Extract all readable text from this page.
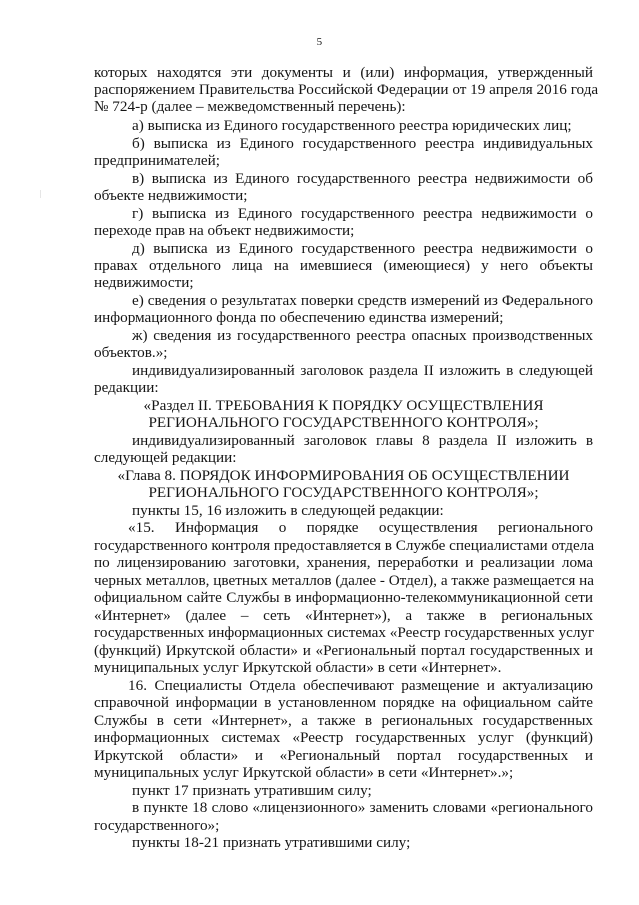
5
которых находятся эти документы и (или) информация, утвержденный
распоряжением Правительства Российской Федерации от 19 апреля 2016 года
№ 724-р (далее – межведомственный перечень):
а) выписка из Единого государственного реестра юридических лиц;
б) выписка из Единого государственного реестра индивидуальных
предпринимателей;
в) выписка из Единого государственного реестра недвижимости об
объекте недвижимости;
г) выписка из Единого государственного реестра недвижимости о
переходе прав на объект недвижимости;
д) выписка из Единого государственного реестра недвижимости о
правах отдельного лица на имевшиеся (имеющиеся) у него объекты
недвижимости;
е) сведения о результатах поверки средств измерений из Федерального
информационного фонда по обеспечению единства измерений;
ж) сведения из государственного реестра опасных производственных
объектов.»;
индивидуализированный заголовок раздела II изложить в следующей
редакции:
«Раздел II. ТРЕБОВАНИЯ К ПОРЯДКУ ОСУЩЕСТВЛЕНИЯ
РЕГИОНАЛЬНОГО ГОСУДАРСТВЕННОГО КОНТРОЛЯ»;
индивидуализированный заголовок главы 8 раздела II изложить в
следующей редакции:
«Глава 8. ПОРЯДОК ИНФОРМИРОВАНИЯ ОБ ОСУЩЕСТВЛЕНИИ
РЕГИОНАЛЬНОГО ГОСУДАРСТВЕННОГО КОНТРОЛЯ»;
пункты 15, 16 изложить в следующей редакции:
«15. Информация о порядке осуществления регионального
государственного контроля предоставляется в Службе специалистами отдела
по лицензированию заготовки, хранения, переработки и реализации лома
черных металлов, цветных металлов (далее - Отдел), а также размещается на
официальном сайте Службы в информационно-телекоммуникационной сети
«Интернет» (далее – сеть «Интернет»), а также в региональных
государственных информационных системах «Реестр государственных услуг
(функций) Иркутской области» и «Региональный портал государственных и
муниципальных услуг Иркутской области» в сети «Интернет».
16. Специалисты Отдела обеспечивают размещение и актуализацию
справочной информации в установленном порядке на официальном сайте
Службы в сети «Интернет», а также в региональных государственных
информационных системах «Реестр государственных услуг (функций)
Иркутской области» и «Региональный портал государственных и
муниципальных услуг Иркутской области» в сети «Интернет».»;
пункт 17 признать утратившим силу;
в пункте 18 слово «лицензионного» заменить словами «регионального
государственного»;
пункты 18-21 признать утратившими силу;
